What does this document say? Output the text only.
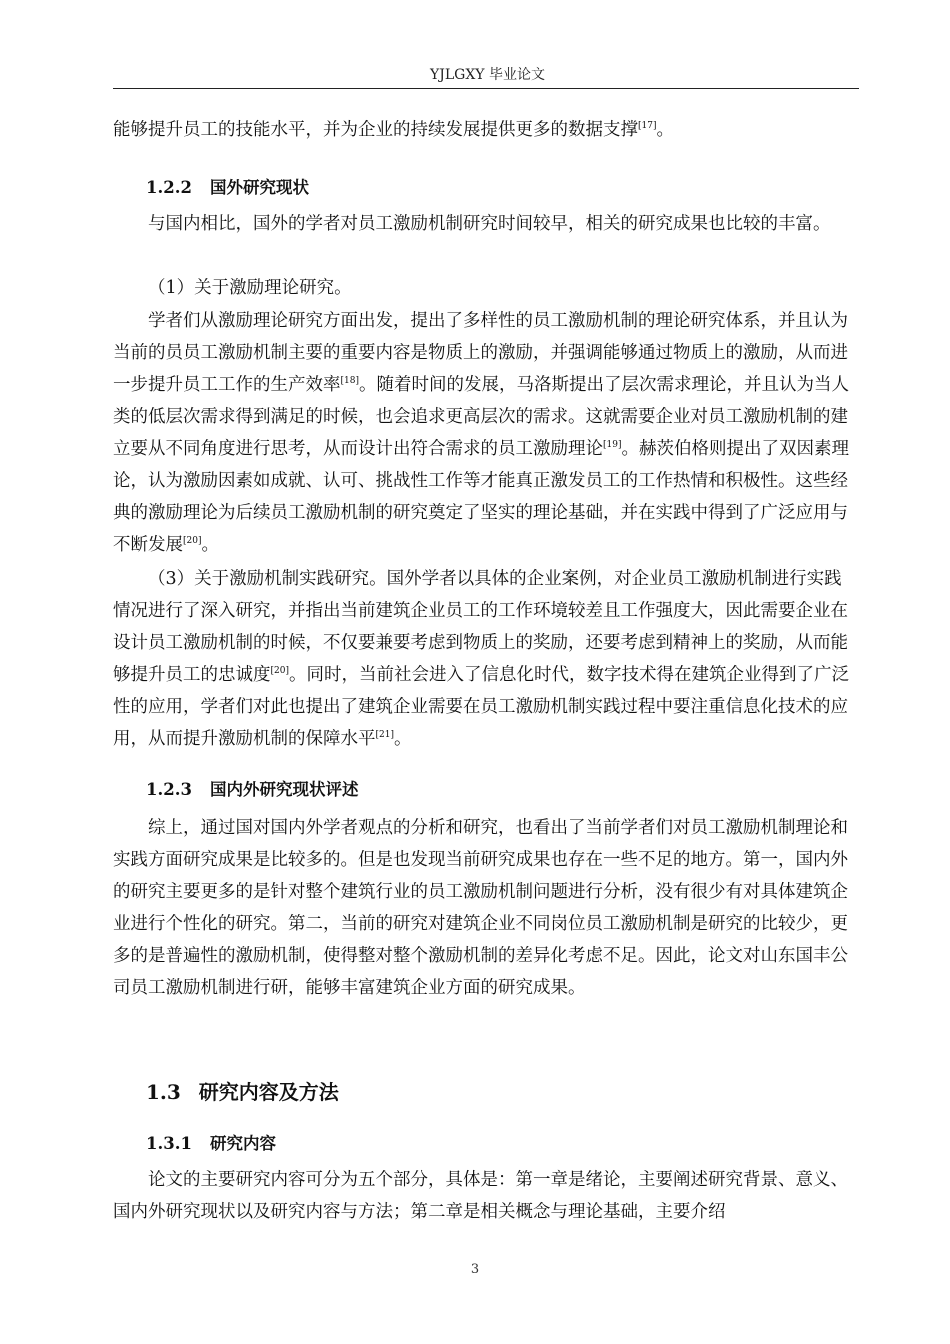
YJLGXY 毕业论文

能够提升员工的技能水平，并为企业的持续发展提供更多的数据支撑[17]。

1.2.2 国外研究现状

与国内相比，国外的学者对员工激励机制研究时间较早，相关的研究成果也比较的丰富。

（1）关于激励理论研究。

学者们从激励理论研究方面出发，提出了多样性的员工激励机制的理论研究体系，并且认为当前的员员工激励机制主要的重要内容是物质上的激励，并强调能够通过物质上的激励，从而进一步提升员工工作的生产效率[18]。随着时间的发展，马洛斯提出了层次需求理论，并且认为当人类的低层次需求得到满足的时候，也会追求更高层次的需求。这就需要企业对员工激励机制的建立要从不同角度进行思考，从而设计出符合需求的员工激励理论[19]。赫茨伯格则提出了双因素理论，认为激励因素如成就、认可、挑战性工作等才能真正激发员工的工作热情和积极性。这些经典的激励理论为后续员工激励机制的研究奠定了坚实的理论基础，并在实践中得到了广泛应用与不断发展[20]。

（3）关于激励机制实践研究。国外学者以具体的企业案例，对企业员工激励机制进行实践情况进行了深入研究，并指出当前建筑企业员工的工作环境较差且工作强度大，因此需要企业在设计员工激励机制的时候，不仅要兼要考虑到物质上的奖励，还要考虑到精神上的奖励，从而能够提升员工的忠诚度[20]。同时，当前社会进入了信息化时代，数字技术得在建筑企业得到了广泛性的应用，学者们对此也提出了建筑企业需要在员工激励机制实践过程中要注重信息化技术的应用，从而提升激励机制的保障水平[21]。

1.2.3 国内外研究现状评述

综上，通过国对国内外学者观点的分析和研究，也看出了当前学者们对员工激励机制理论和实践方面研究成果是比较多的。但是也发现当前研究成果也存在一些不足的地方。第一，国内外的研究主要更多的是针对整个建筑行业的员工激励机制问题进行分析，没有很少有对具体建筑企业进行个性化的研究。第二，当前的研究对建筑企业不同岗位员工激励机制是研究的比较少，更多的是普遍性的激励机制，使得整对整个激励机制的差异化考虑不足。因此，论文对山东国丰公司员工激励机制进行研，能够丰富建筑企业方面的研究成果。

1.3 研究内容及方法
1.3.1 研究内容

论文的主要研究内容可分为五个部分，具体是：第一章是绪论，主要阐述研究背景、意义、国内外研究现状以及研究内容与方法；第二章是相关概念与理论基础，主要介绍

3
